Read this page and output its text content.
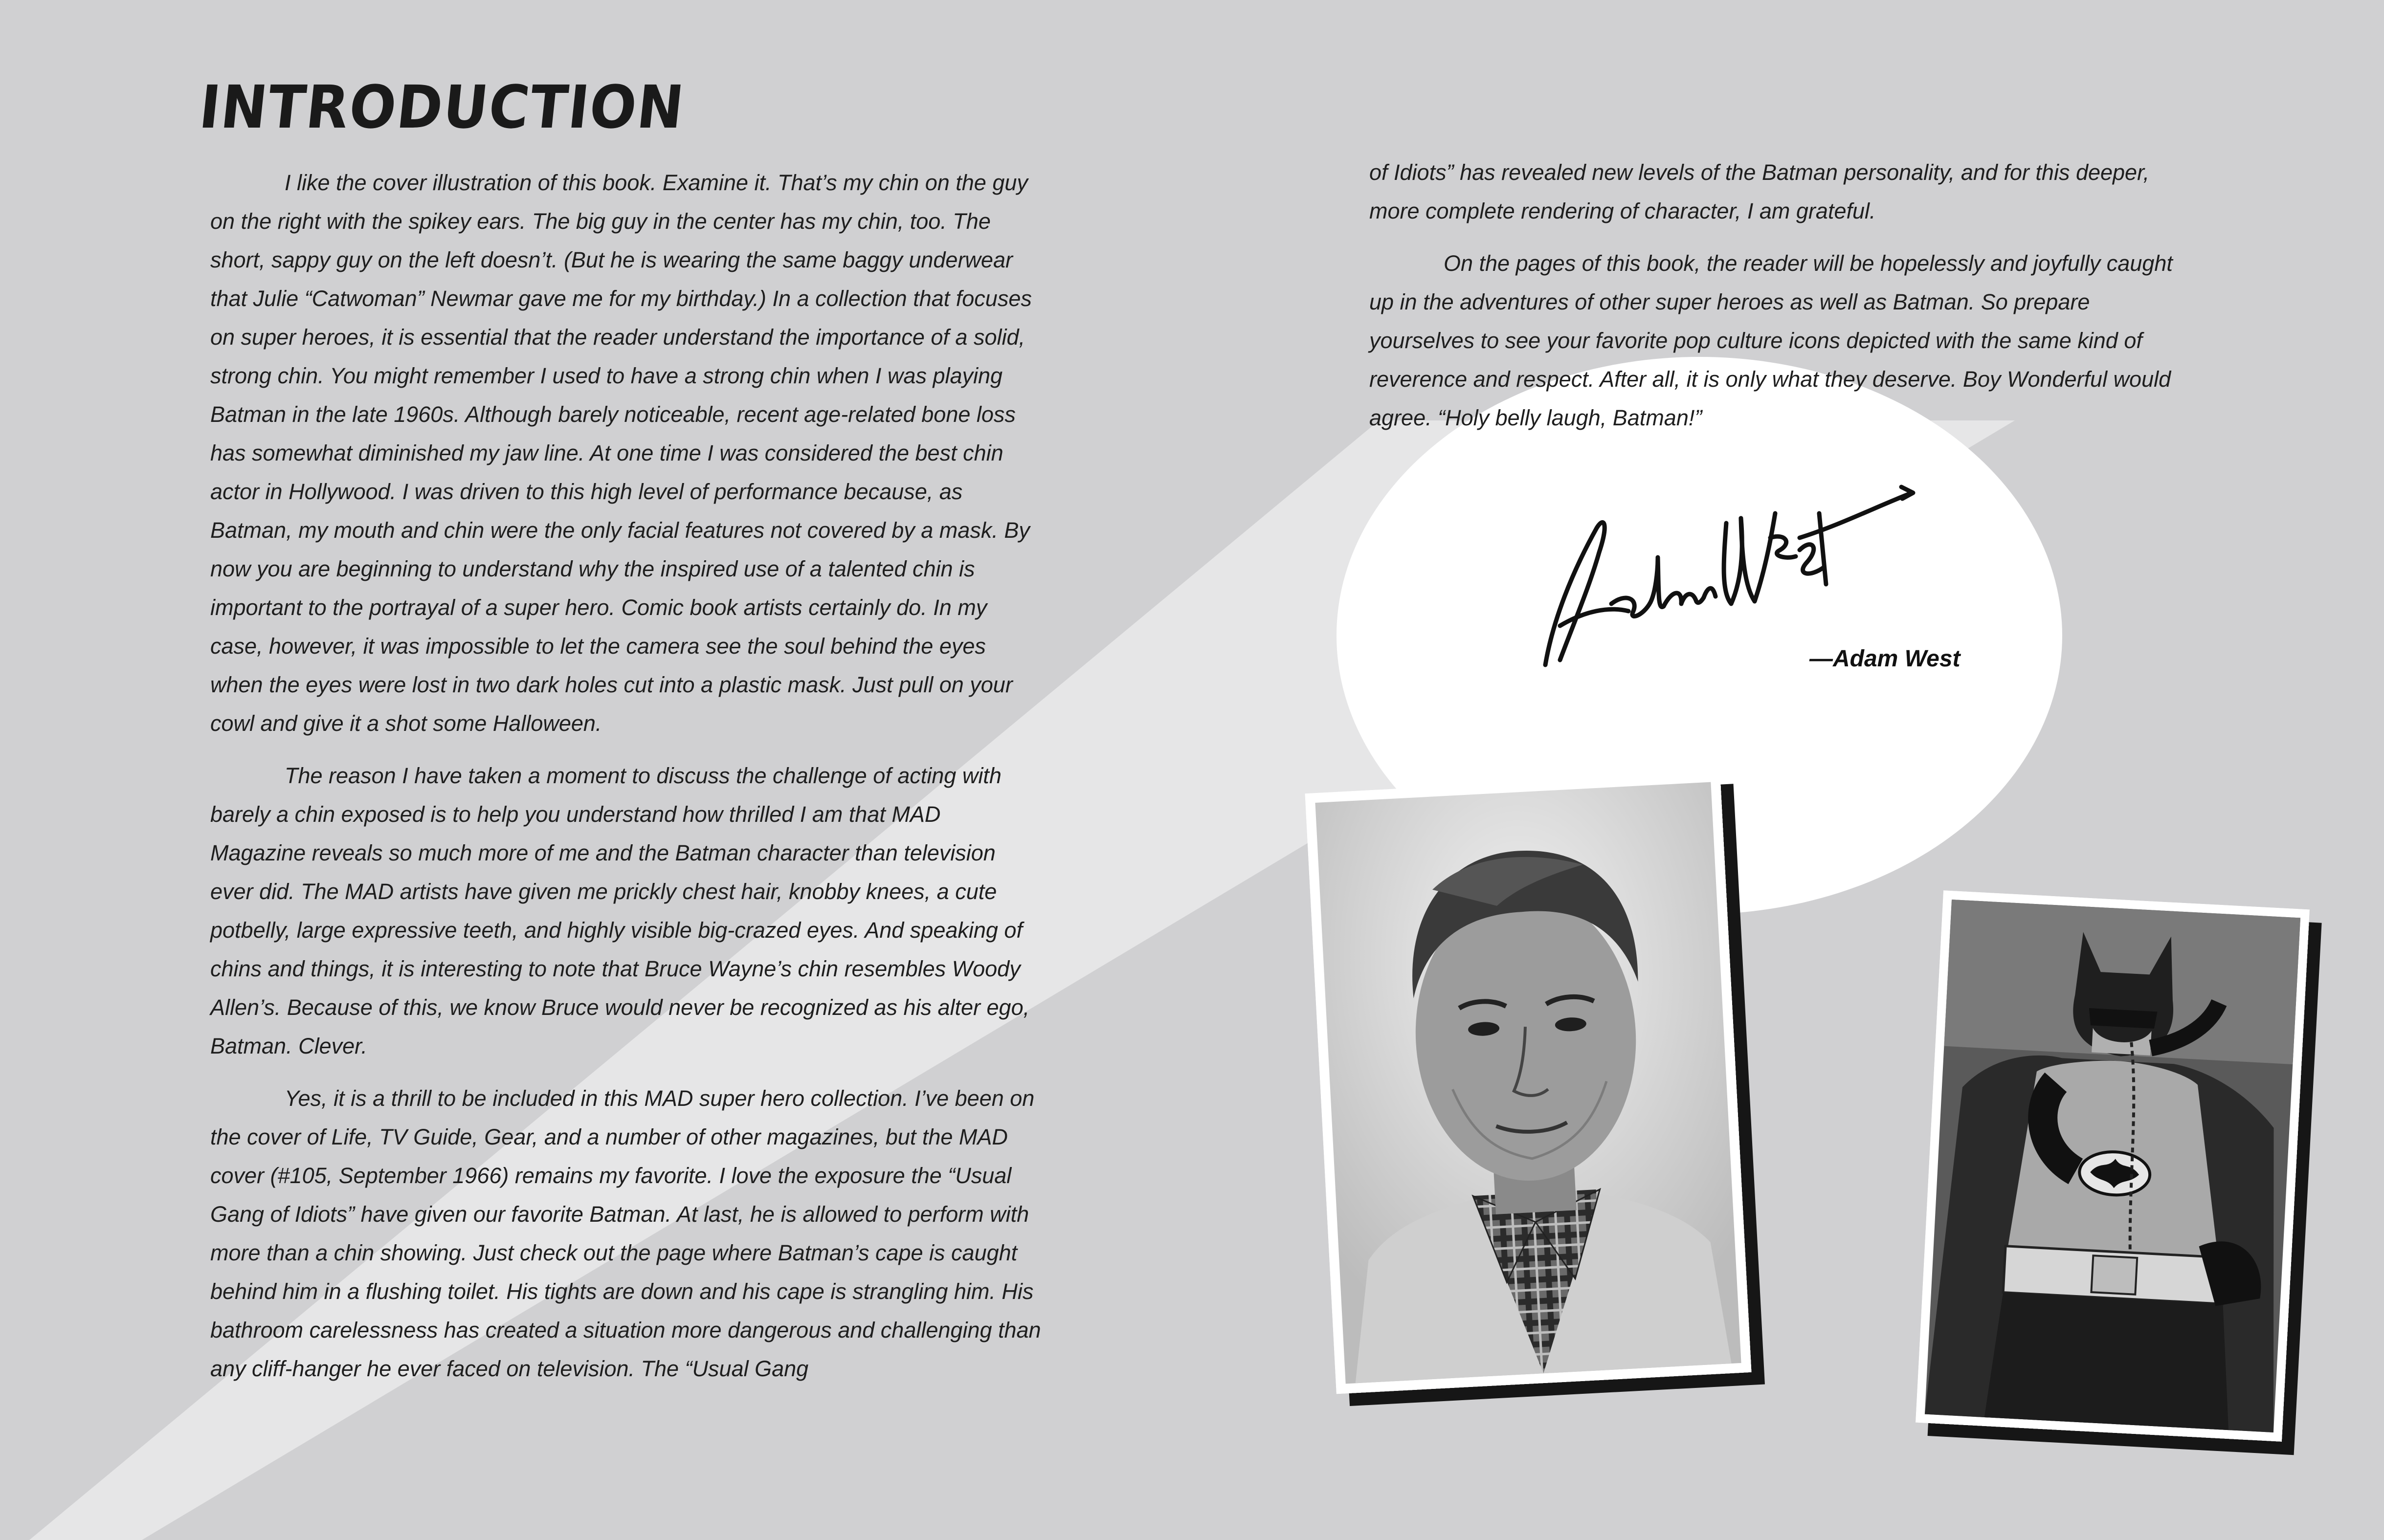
INTRODUCTION

I like the cover illustration of this book. Examine it. That’s my chin on the guy on the right with the spikey ears. The big guy in the center has my chin, too. The short, sappy guy on the left doesn’t. (But he is wearing the same baggy underwear that Julie “Catwoman” Newmar gave me for my birthday.) In a collection that focuses on super heroes, it is essential that the reader understand the importance of a solid, strong chin. You might remember I used to have a strong chin when I was playing Batman in the late 1960s. Although barely noticeable, recent age-related bone loss has somewhat diminished my jaw line. At one time I was considered the best chin actor in Hollywood. I was driven to this high level of performance because, as Batman, my mouth and chin were the only facial features not covered by a mask. By now you are beginning to understand why the inspired use of a talented chin is important to the portrayal of a super hero. Comic book artists certainly do. In my case, however, it was impossible to let the camera see the soul behind the eyes when the eyes were lost in two dark holes cut into a plastic mask. Just pull on your cowl and give it a shot some Halloween.

The reason I have taken a moment to discuss the challenge of acting with barely a chin exposed is to help you understand how thrilled I am that MAD Magazine reveals so much more of me and the Batman character than television ever did. The MAD artists have given me prickly chest hair, knobby knees, a cute potbelly, large expressive teeth, and highly visible big-crazed eyes. And speaking of chins and things, it is interesting to note that Bruce Wayne’s chin resembles Woody Allen’s. Because of this, we know Bruce would never be recognized as his alter ego, Batman. Clever.

Yes, it is a thrill to be included in this MAD super hero collection. I’ve been on the cover of Life, TV Guide, Gear, and a number of other magazines, but the MAD cover (#105, September 1966) remains my favorite. I love the exposure the “Usual Gang of Idiots” have given our favorite Batman. At last, he is allowed to perform with more than a chin showing. Just check out the page where Batman’s cape is caught behind him in a flushing toilet. His tights are down and his cape is strangling him. His bathroom carelessness has created a situation more dangerous and challenging than any cliff-hanger he ever faced on television. The “Usual Gang

of Idiots” has revealed new levels of the Batman personality, and for this deeper, more complete rendering of character, I am grateful.

On the pages of this book, the reader will be hopelessly and joyfully caught up in the adventures of other super heroes as well as Batman. So prepare yourselves to see your favorite pop culture icons depicted with the same kind of reverence and respect. After all, it is only what they deserve. Boy Wonderful would agree. “Holy belly laugh, Batman!”

—Adam West
